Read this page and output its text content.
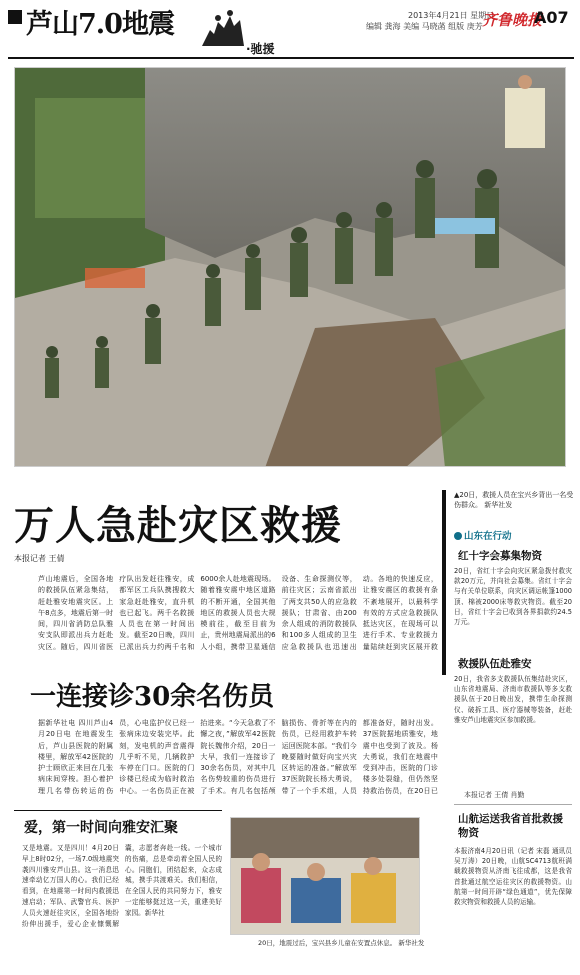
芦山7.0地震
·驰援
2013年4月21日 星期日
编辑 龚海 美编 马晓菡 组版 庚芳 齐鲁晚报
A07
万人急赴灾区救援
本报记者 王倩
芦山地震后，全国各地的救援队伍紧急集结，赶赴雅安地震灾区。上午8点多，地震后第一时间，四川省消防总队雅安支队即派出兵力赶赴灾区。随后，四川省医疗队出发赶往雅安，成都军区工兵队携搜救大家急赶赴雅安，直升机也已起飞。两千名救援人员也在第一时间出发。截至20日晚，四川已派出兵力约两千名和6000余人赴地震现场。随着雅安震中地区道路的不断开通，全国其他地区的救援人员也大规模前往，截至目前为止，贵州地震局派出的6人小组，携带卫星通信设备、生命探测仪等，前往灾区；云南省派出了两支共50人的应急救援队；甘肃省、由200余人组成的消防救援队和100多人组成的卫生应急救援队也迅速出动。各地的快速反应，让雅安震区的救援有条不紊地展开，以最科学有效的方式应急救援队抵达灾区，在现场可以进行手术、专业救援力量陆续赶到灾区展开救
一连接诊30余名伤员
据新华社电 四川芦山4月20日电 在地震发生后，芦山县医院的附属楼里，解放军42医院的护士顾欣正来回在几张病床间穿梭。担心着护理几名带伤转运的伤员，心电监护仪已经一张病床边安装完毕。此刻，发电机的声音震得几乎听不见，几辆救护车停在门口。医院的门诊楼已经成为临时救治中心。一名伤员正在被抬进来。“今天急救了不懈之夜，”解放军42医院院长魏伟介绍，20日一大早，我们一连接诊了30余名伤员，对其中几名伤势较重的伤员进行了手术。有几名包括颅脑损伤、骨折等在内的伤员，已经用救护车转运回医院本部。“我们今晚要随时做好向宝兴灾区转运的准备。”解放军37医院院长杨大勇说，带了一个手术组，人员都准备好，随时出发。37医院据地质雅安，地震中也受到了波及。杨大勇说，我们在地震中受到冲击，医院的门诊楼多处裂缝，但仍然坚持救治伤员，在20日已
爱，第一时间向雅安汇聚
又是地震。又是四川！4月20日早上8时02分，一场7.0级地震突袭四川雅安芦山县。这一消息迅速牵动亿万国人的心。我们已经看到，在地震第一时间内救援迅速启动；军队、武警官兵、医护人员火速赶往灾区，全国各地纷纷伸出援手，爱心企业慷慨解囊，志愿者奔赴一线。一个城市的伤痛，总是牵动着全国人民的心。同胞们，团结起来，众志成城，携手共渡难关。我们相信，在全国人民的共同努力下，雅安一定能够挺过这一关，重建美好家园。新华社
20日，地震过后，宝兴县乡儿童在安置点休息。 新华社发
▲20日，救援人员在宝兴乡背出一名受伤群众。 新华社发
山东在行动
红十字会募集物资
20日，省红十字会向灾区紧急拨付救灾款20万元，并向社会募集。省红十字会与有关单位联系，向灾区调运帐篷1000顶、棉被2000床等救灾物资。截至20日，省红十字会已收到各界捐款约24.5万元。
救援队伍赴雅安
20日，我省多支救援队伍集结赴灾区，山东省地震局、济南市救援队等多支救援队伍于20日晚出发，携带生命探测仪、破拆工具、医疗器械等装备，赶赴雅安芦山地震灾区参加救援。
本报记者 王倩 肖勤
山航运送我省首批救援物资
本报济南4月20日讯（记者 宋磊 通讯员 吴万涛）20日晚，山航SC4713航班满载救援物资从济南飞往成都，这是我省首批通过航空运往灾区的救援物资。山航第一时间开辟“绿色通道”，优先保障救灾物资和救援人员的运输。
